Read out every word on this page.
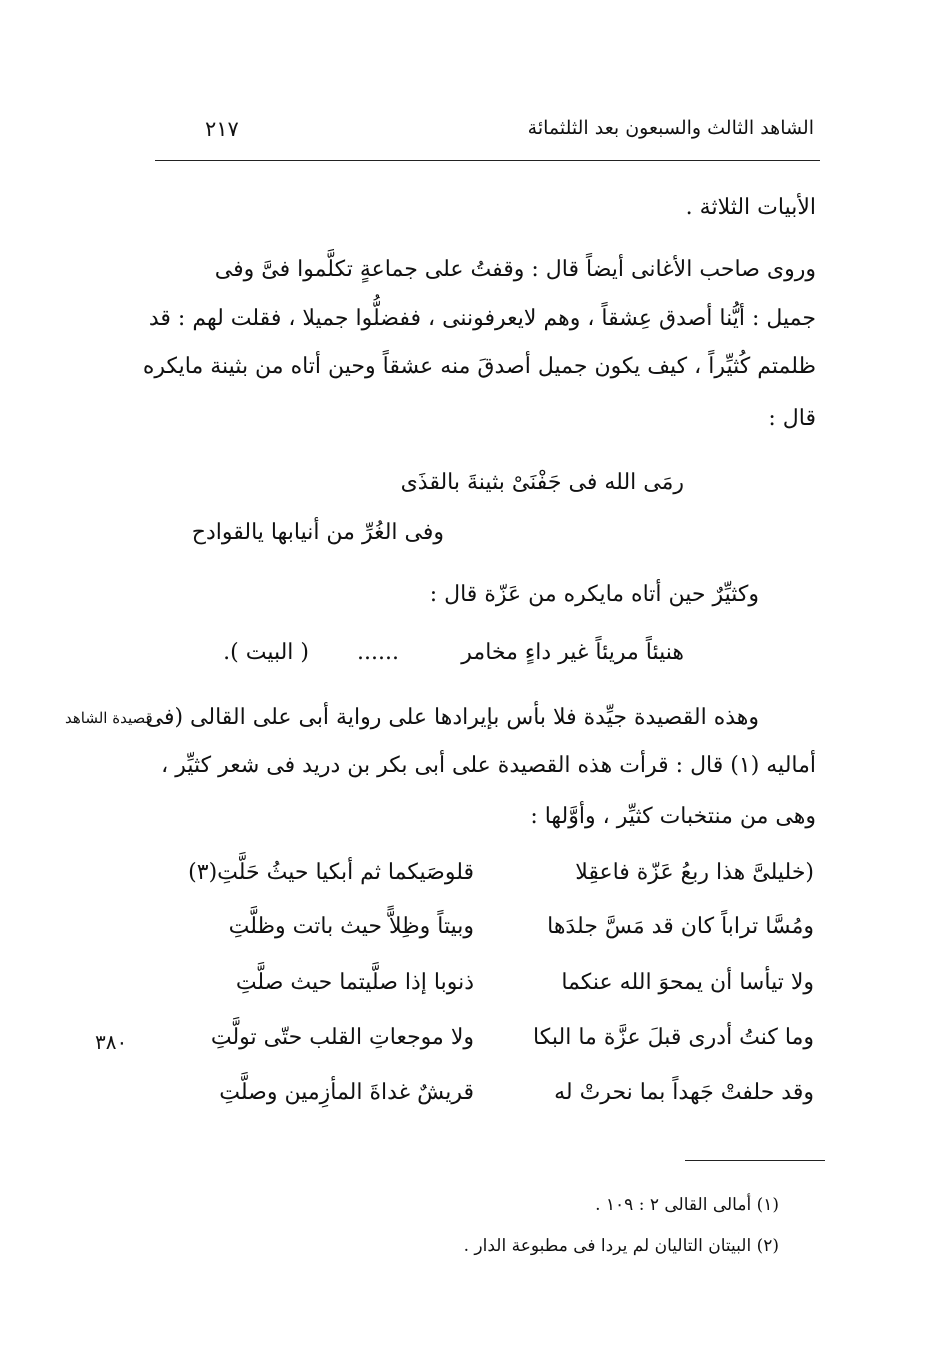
الشاهد الثالث والسبعون بعد الثلثمائة
٢١٧
الأبيات الثلاثة .
وروى صاحب الأغانى أيضاً قال : وقفتُ على جماعةٍ تكلَّموا فىَّ وفى
جميل : أيُّنا أصدق عِشقاً ، وهم لايعرفوننى ، ففضلُّوا جميلا ، فقلت لهم : قد
ظلمتم كُثيِّراً ، كيف يكون جميل أصدقَ منه عشقاً وحين أتاه من بثينة مايكره
قال :
رمَى الله فى جَفْنَىْ بثينةَ بالقذَى
وفى الغُرِّ من أنيابها يالقوادح
وكثيِّرٌ حين أتاه مايكره من عَزّة قال :
هنيئاً مريئاً غير داءٍ مخامر
......
( البيت ).
وهذه القصيدة جيِّدة فلا بأس بإيرادها على رواية أبى على القالى (فى
قصيدة الشاهد
أماليه (١) قال : قرأت هذه القصيدة على أبى بكر بن دريد فى شعر كثيِّر ،
وهى من منتخبات كثيِّر ، وأوَّلها :
(خليلىَّ هذا ربعُ عَزّة فاعقِلا
قلوصَيكما ثم أبكيا حيثُ حَلَّتِ(٣)
ومُسَّا تراباً كان قد مَسَّ جلدَها
وبيتاً وظِلاًّ حيث باتت وظلَّتِ
ولا تيأسا أن يمحوَ الله عنكما
ذنوبا إذا صلَّيتما حيث صلَّتِ
وما كنتُ أدرى قبلَ عزَّة ما البكا
ولا موجعاتِ القلب حتّى تولَّتِ
٣٨٠
وقد حلفتْ جَهداً بما نحرتْ له
قريشٌ غداةَ المأزِمين وصلَّتِ
(١) أمالى القالى ٢ : ١٠٩ .
(٢) البيتان التاليان لم يردا فى مطبوعة الدار .
